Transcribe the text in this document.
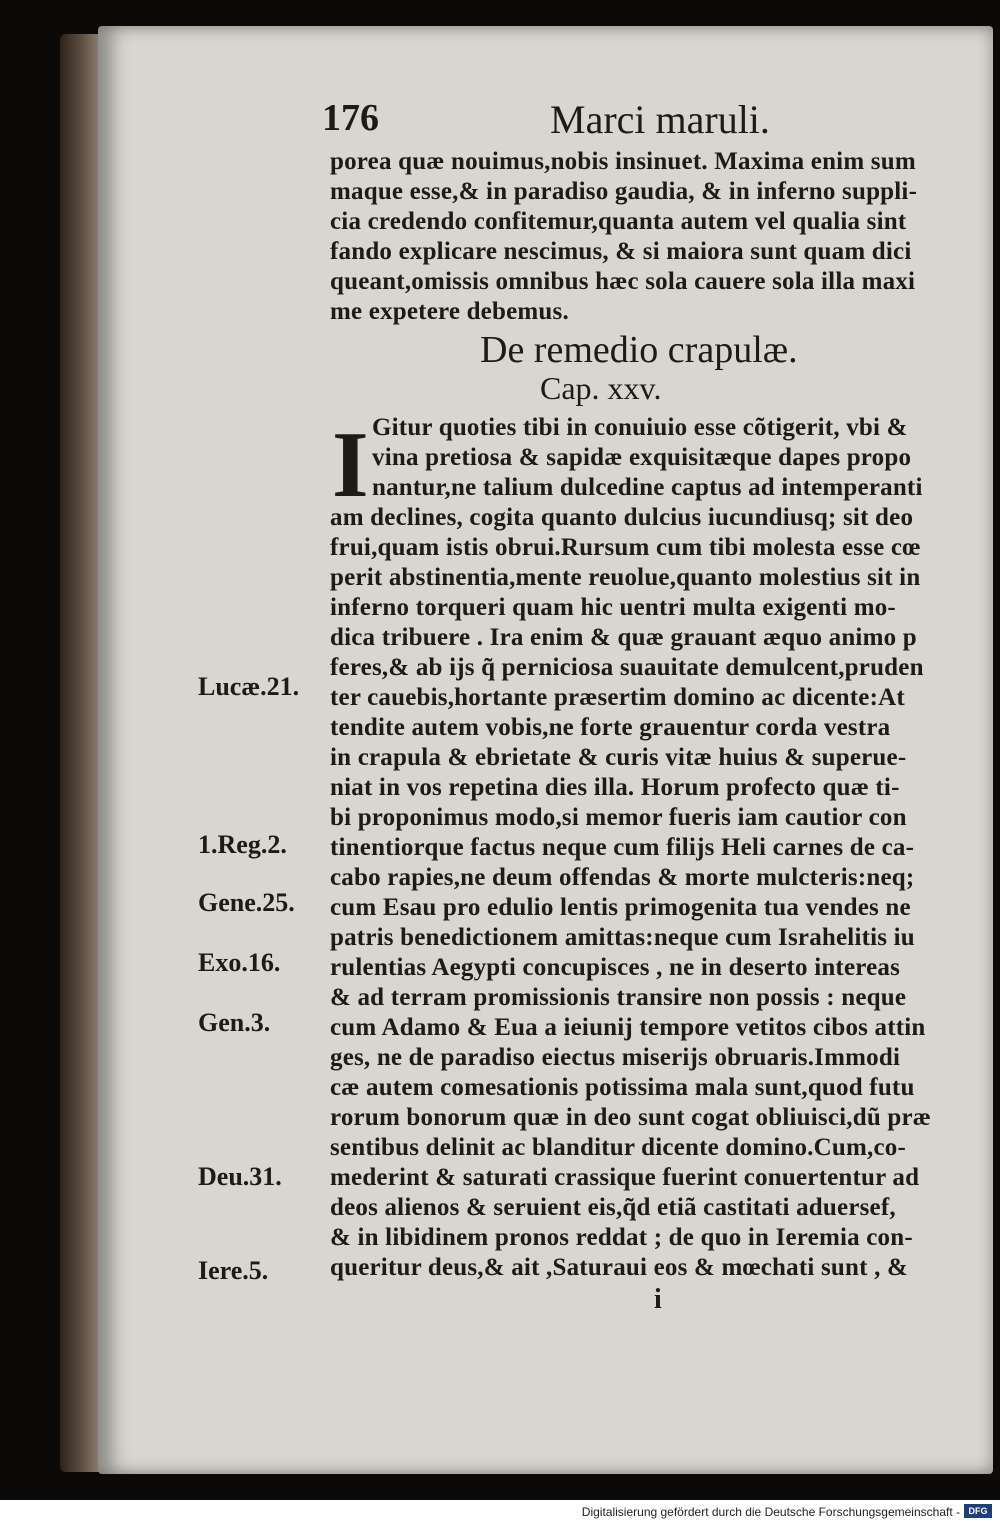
176	Marci maruli.
porea quæ nouimus,nobis insinuet. Maxima enim sum
maque esse,& in paradiso gaudia, & in inferno suppli-
cia credendo confitemur,quanta autem vel qualia sint
fando explicare nescimus, & si maiora sunt quam dici
queant,omissis omnibus hæc sola cauere sola illa maxi
me expetere debemus.
De remedio crapulæ.
Cap. xxv.
I Gitur quoties tibi in conuiuio esse cõtigerit, vbi &
vina pretiosa & sapidæ exquisitæque dapes propo
nantur,ne talium dulcedine captus ad intemperanti
am declines, cogita quanto dulcius iucundiusq; sit deo
frui,quam istis obrui.Rursum cum tibi molesta esse cœ
perit abstinentia,mente reuolue,quanto molestius sit in
inferno torqueri quam hic uentri multa exigenti mo-
dica tribuere . Ira enim & quæ grauant æquo animo p
feres,& ab ijs q̃ perniciosa suauitate demulcent,pruden
ter cauebis,hortante præsertim domino ac dicente:At
tendite autem vobis,ne forte grauentur corda vestra
in crapula & ebrietate & curis vitæ huius & superue-
niat in vos repetina dies illa. Horum profecto quæ ti-
bi proponimus modo,si memor fueris iam cautior con
tinentiorque factus neque cum filijs Heli carnes de ca-
cabo rapies,ne deum offendas & morte mulcteris:neq;
cum Esau pro edulio lentis primogenita tua vendes ne
patris benedictionem amittas:neque cum Israhelitis iu
rulentias Aegypti concupisces , ne in deserto intereas
& ad terram promissionis transire non possis : neque
cum Adamo & Eua a ieiunij tempore vetitos cibos attin
ges, ne de paradiso eiectus miserijs obruaris.Immodi
cæ autem comesationis potissima mala sunt,quod futu
rorum bonorum quæ in deo sunt cogat obliuisci,dũ præ
sentibus delinit ac blanditur dicente domino.Cum,co-
mederint & saturati crassique fuerint conuertentur ad
deos alienos & seruient eis,q̃d etiã castitati aduersef,
& in libidinem pronos reddat ; de quo in Ieremia con-
queritur deus,& ait ,Saturaui eos & mœchati sunt , &
Lucæ.21.
1.Reg.2.
Gene.25.
Exo.16.
Gen.3.
Deu.31.
Iere.5.
i
Digitalisierung gefördert durch die Deutsche Forschungsgemeinschaft - DFG
